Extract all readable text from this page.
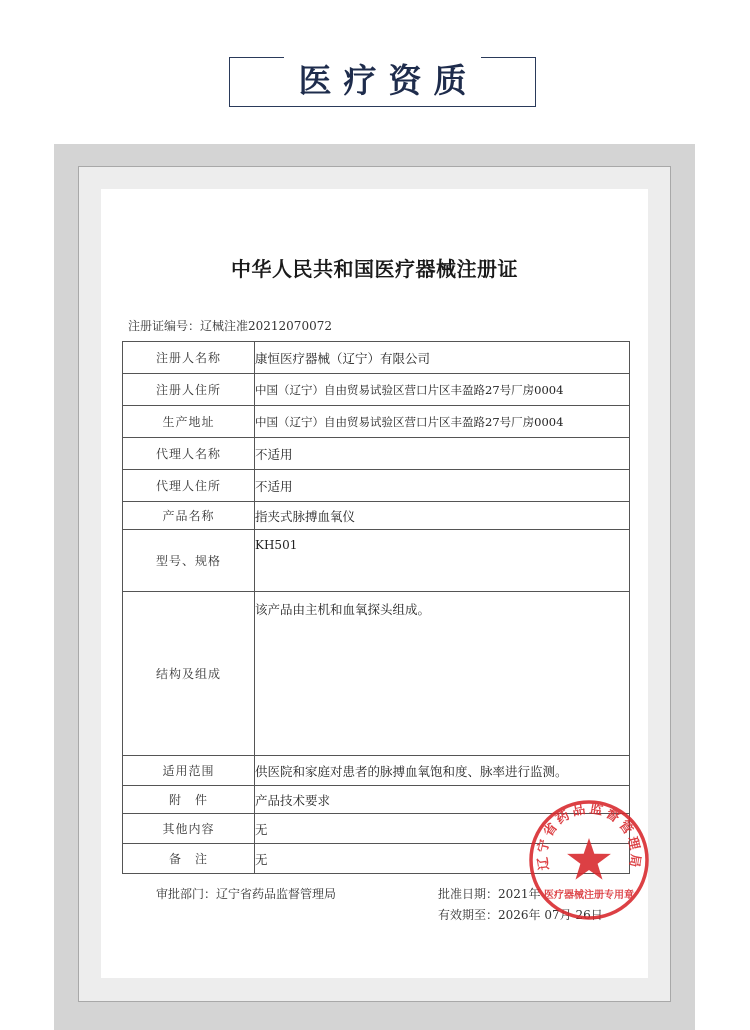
医疗资质
中华人民共和国医疗器械注册证
注册证编号：辽械注准20212070072
注册人名称	康恒医疗器械（辽宁）有限公司
注册人住所	中国（辽宁）自由贸易试验区营口片区丰盈路27号厂房0004
生产地址	中国（辽宁）自由贸易试验区营口片区丰盈路27号厂房0004
代理人名称	不适用
代理人住所	不适用
产品名称	指夹式脉搏血氧仪
型号、规格	KH501
结构及组成	该产品由主机和血氧探头组成。
适用范围	供医院和家庭对患者的脉搏血氧饱和度、脉率进行监测。
附　件	产品技术要求
其他内容	无
备　注	无
审批部门：辽宁省药品监督管理局	批准日期：2021年
有效期至：2026年 07月 26日
辽宁省药品监督管理局
医疗器械注册专用章
